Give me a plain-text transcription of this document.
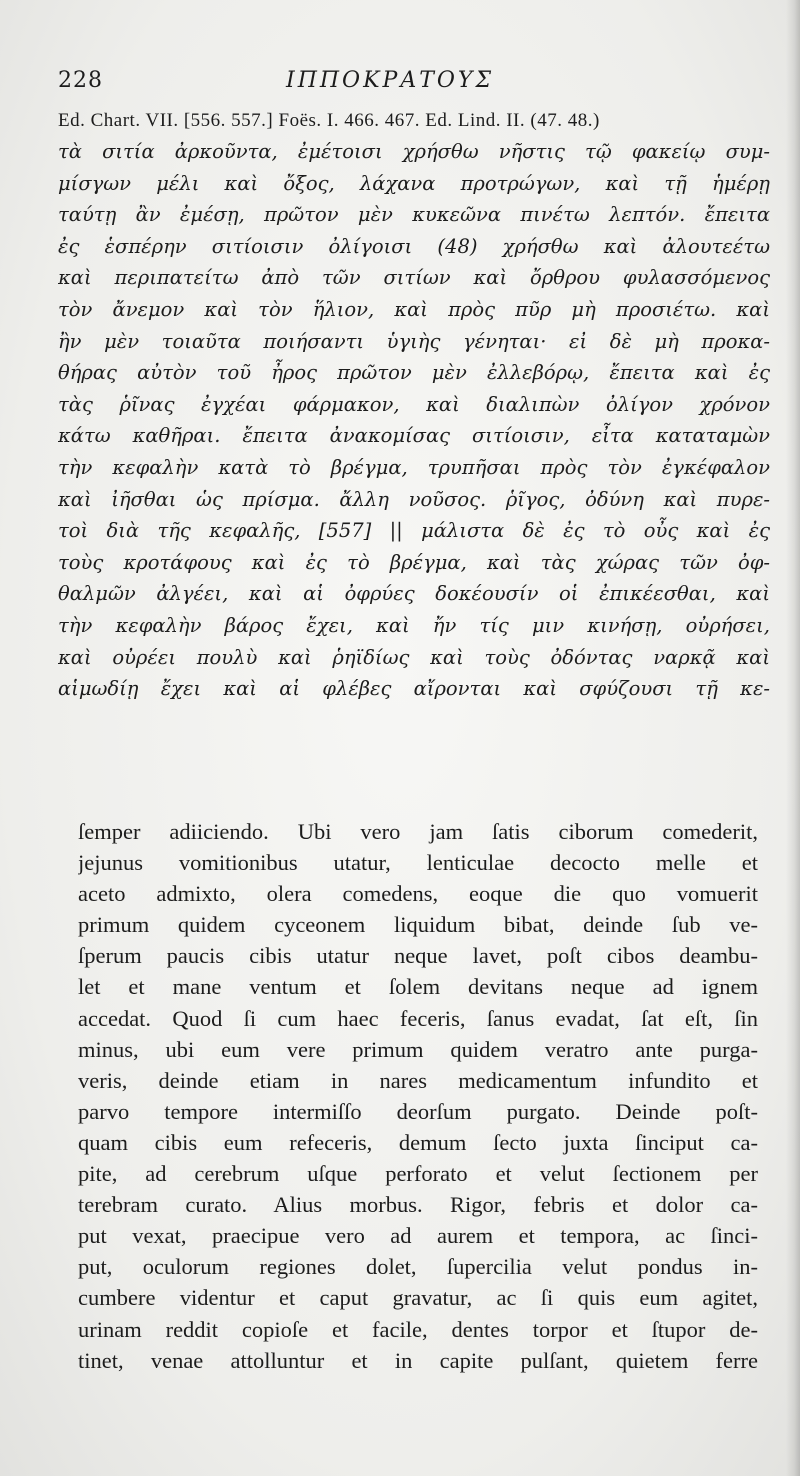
228	ΙΠΠΟΚΡΑΤΟΥΣ
Ed. Chart. VII. [556. 557.] Foës. I. 466. 467. Ed. Lind. II. (47. 48.)
τὰ σιτία ἀρκοῦντα, ἐμέτοισι χρήσθω νῆστις τῷ φακείῳ συμ-
μίσγων μέλι καὶ ὄξος, λάχανα προτρώγων, καὶ τῇ ἡμέρῃ
ταύτῃ ἂν ἐμέσῃ, πρῶτον μὲν κυκεῶνα πινέτω λεπτόν. ἔπειτα
ἐς ἑσπέρην σιτίοισιν ὀλίγοισι (48) χρήσθω καὶ ἀλουτεέτω
καὶ περιπατείτω ἀπὸ τῶν σιτίων καὶ ὄρθρου φυλασσόμενος
τὸν ἄνεμον καὶ τὸν ἥλιον, καὶ πρὸς πῦρ μὴ προσιέτω. καὶ
ἢν μὲν τοιαῦτα ποιήσαντι ὑγιὴς γένηται· εἰ δὲ μὴ προκα-
θήρας αὐτὸν τοῦ ἦρος πρῶτον μὲν ἐλλεβόρῳ, ἔπειτα καὶ ἐς
τὰς ῥῖνας ἐγχέαι φάρμακον, καὶ διαλιπὼν ὀλίγον χρόνον
κάτω καθῆραι. ἔπειτα ἀνακομίσας σιτίοισιν, εἶτα καταταμὼν
τὴν κεφαλὴν κατὰ τὸ βρέγμα, τρυπῆσαι πρὸς τὸν ἐγκέφαλον
καὶ ἰῆσθαι ὡς πρίσμα. ἄλλη νοῦσος. ῥῖγος, ὀδύνη καὶ πυρε-
τοὶ διὰ τῆς κεφαλῆς, [557] || μάλιστα δὲ ἐς τὸ οὖς καὶ ἐς
τοὺς κροτάφους καὶ ἐς τὸ βρέγμα, καὶ τὰς χώρας τῶν ὀφ-
θαλμῶν ἀλγέει, καὶ αἱ ὀφρύες δοκέουσίν οἱ ἐπικέεσθαι, καὶ
τὴν κεφαλὴν βάρος ἔχει, καὶ ἤν τίς μιν κινήσῃ, οὐρήσει,
καὶ οὐρέει πουλὺ καὶ ῥηϊδίως καὶ τοὺς ὀδόντας ναρκᾷ καὶ
αἱμωδίῃ ἔχει καὶ αἱ φλέβες αἴρονται καὶ σφύζουσι τῇ κε-
ſemper adiiciendo. Ubi vero jam ſatis ciborum comederit,
jejunus vomitionibus utatur, lenticulae decocto melle et
aceto admixto, olera comedens, eoque die quo vomuerit
primum quidem cyceonem liquidum bibat, deinde ſub ve-
ſperum paucis cibis utatur neque lavet, poſt cibos deambu-
let et mane ventum et ſolem devitans neque ad ignem
accedat. Quod ſi cum haec feceris, ſanus evadat, ſat eſt, ſin
minus, ubi eum vere primum quidem veratro ante purga-
veris, deinde etiam in nares medicamentum infundito et
parvo tempore intermiſſo deorſum purgato. Deinde poſt-
quam cibis eum refeceris, demum ſecto juxta ſinciput ca-
pite, ad cerebrum uſque perforato et velut ſectionem per
terebram curato. Alius morbus. Rigor, febris et dolor ca-
put vexat, praecipue vero ad aurem et tempora, ac ſinci-
put, oculorum regiones dolet, ſupercilia velut pondus in-
cumbere videntur et caput gravatur, ac ſi quis eum agitet,
urinam reddit copioſe et facile, dentes torpor et ſtupor de-
tinet, venae attolluntur et in capite pulſant, quietem ferre
